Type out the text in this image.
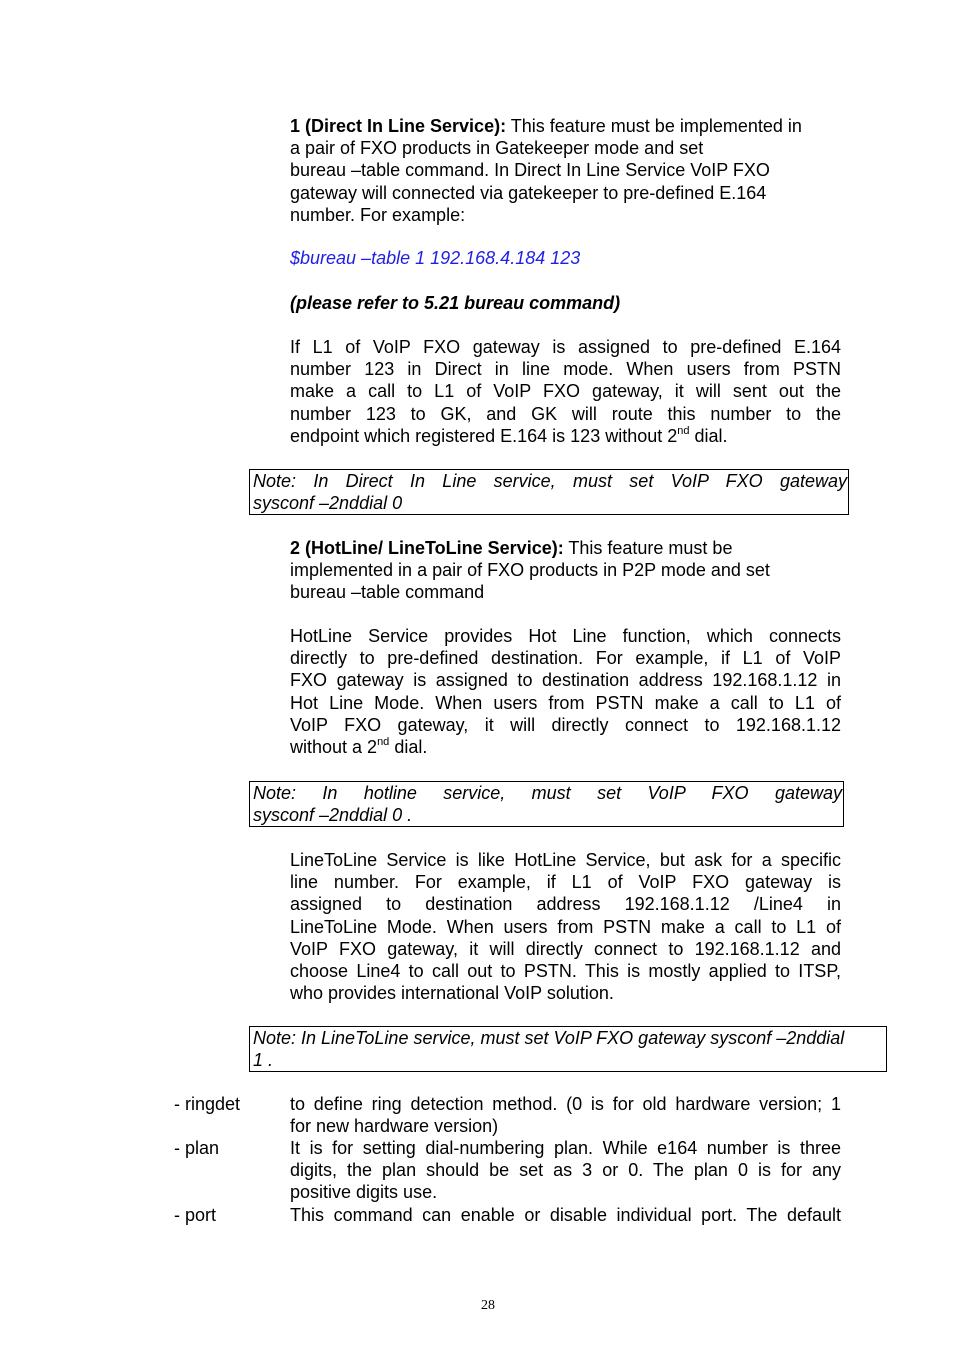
1 (Direct In Line Service): This feature must be implemented in
a pair of FXO products in Gatekeeper mode and set
bureau –table command. In Direct In Line Service VoIP FXO
gateway will connected via gatekeeper to pre-defined E.164
number. For example:
$bureau –table 1 192.168.4.184 123
(please refer to 5.21 bureau command)
If L1 of VoIP FXO gateway is assigned to pre-defined E.164
number 123 in Direct in line mode. When users from PSTN
make a call to L1 of VoIP FXO gateway, it will sent out the
number 123 to GK, and GK will route this number to the
endpoint which registered E.164 is 123 without 2nd dial.
Note: In Direct In Line service, must set VoIP FXO gateway
sysconf –2nddial 0
2 (HotLine/ LineToLine Service): This feature must be
implemented in a pair of FXO products in P2P mode and set
bureau –table command
HotLine Service provides Hot Line function, which connects
directly to pre-defined destination. For example, if L1 of VoIP
FXO gateway is assigned to destination address 192.168.1.12 in
Hot Line Mode. When users from PSTN make a call to L1 of
VoIP FXO gateway, it will directly connect to 192.168.1.12
without a 2nd dial.
Note: In hotline service, must set VoIP FXO gateway
sysconf –2nddial 0 .
LineToLine Service is like HotLine Service, but ask for a specific
line number. For example, if L1 of VoIP FXO gateway is
assigned to destination address 192.168.1.12 /Line4 in
LineToLine Mode. When users from PSTN make a call to L1 of
VoIP FXO gateway, it will directly connect to 192.168.1.12 and
choose Line4 to call out to PSTN. This is mostly applied to ITSP,
who provides international VoIP solution.
Note: In LineToLine service, must set VoIP FXO gateway sysconf –2nddial
1 .
- ringdet	to define ring detection method. (0 is for old hardware version; 1
for new hardware version)
- plan	It is for setting dial-numbering plan. While e164 number is three
digits, the plan should be set as 3 or 0. The plan 0 is for any
positive digits use.
- port	This command can enable or disable individual port. The default
28
